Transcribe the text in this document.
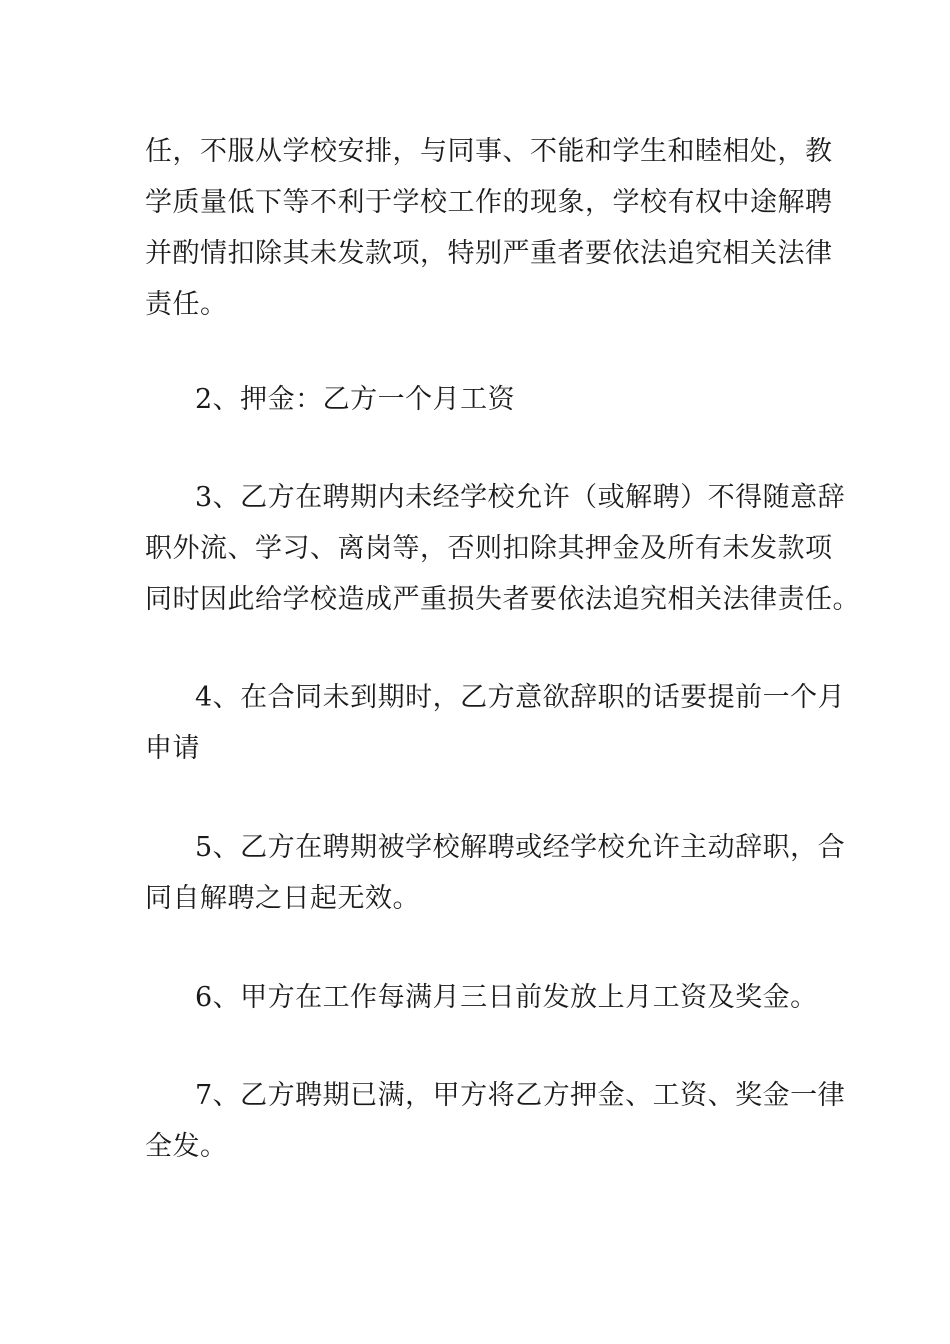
任，不服从学校安排，与同事、不能和学生和睦相处，教
学质量低下等不利于学校工作的现象，学校有权中途解聘
并酌情扣除其未发款项，特别严重者要依法追究相关法律
责任。
2、押金：乙方一个月工资
3、乙方在聘期内未经学校允许（或解聘）不得随意辞
职外流、学习、离岗等，否则扣除其押金及所有未发款项
同时因此给学校造成严重损失者要依法追究相关法律责任。
4、在合同未到期时，乙方意欲辞职的话要提前一个月
申请
5、乙方在聘期被学校解聘或经学校允许主动辞职，合
同自解聘之日起无效。
6、甲方在工作每满月三日前发放上月工资及奖金。
7、乙方聘期已满，甲方将乙方押金、工资、奖金一律
全发。
